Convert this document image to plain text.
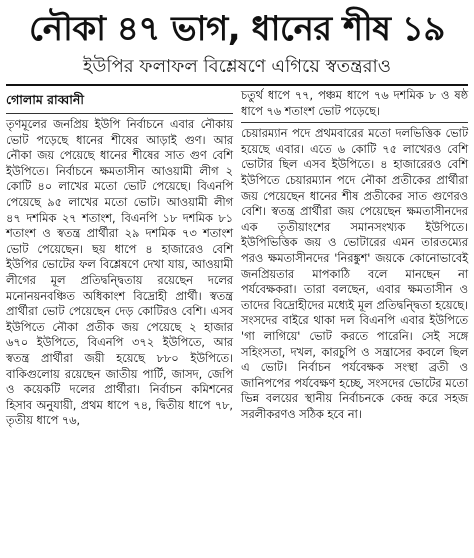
নৌকা ৪৭ ভাগ, ধানের শীষ ১৯
ইউপির ফলাফল বিশ্লেষণে এগিয়ে স্বতন্ত্ররাও
গোলাম রাব্বানী

তৃণমূলের জনপ্রিয় ইউপি নির্বাচনে এবার নৌকায় ভোট পড়েছে ধানের শীষের আড়াই গুণ। আর নৌকা জয় পেয়েছে ধানের শীষের সাত গুণ বেশি ইউপিতে। নির্বাচনে ক্ষমতাসীন আওয়ামী লীগ ২ কোটি ৪০ লাখের মতো ভোট পেয়েছে। বিএনপি পেয়েছে ৯৫ লাখের মতো ভোট। আওয়ামী লীগ ৪৭ দশমিক ২৭ শতাংশ, বিএনপি ১৮ দশমিক ৮১ শতাংশ ও স্বতন্ত্র প্রার্থীরা ২৯ দশমিক ৭৩ শতাংশ ভোট পেয়েছেন। ছয় ধাপে ৪ হাজারেও বেশি ইউপির ভোটের ফল বিশ্লেষণে দেখা যায়, আওয়ামী লীগের মূল প্রতিদ্বন্দ্বিতায় রয়েছেন দলের মনোনয়নবঞ্চিত অধিকাংশ বিদ্রোহী প্রার্থী। স্বতন্ত্র প্রার্থীরা ভোট পেয়েছেন দেড় কোটিরও বেশি। এসব ইউপিতে নৌকা প্রতীক জয় পেয়েছে ২ হাজার ৬৭০ ইউপিতে, বিএনপি ৩৭২ ইউপিতে, আর স্বতন্ত্র প্রার্থীরা জয়ী হয়েছে ৮৮০ ইউপিতে। বাকিগুলোয় রয়েছেন জাতীয় পার্টি, জাসদ, জেপি ও কয়েকটি দলের প্রার্থীরা। নির্বাচন কমিশনের হিসাব অনুযায়ী, প্রথম ধাপে ৭৪, দ্বিতীয় ধাপে ৭৮, তৃতীয় ধাপে ৭৬,

চতুর্থ ধাপে ৭৭, পঞ্চম ধাপে ৭৬ দশমিক ৮ ও ষষ্ঠ ধাপে ৭৬ শতাংশ ভোট পড়েছে।

চেয়ারম্যান পদে প্রথমবারের মতো দলভিত্তিক ভোট হয়েছে এবার। এতে ৬ কোটি ৭৫ লাখেরও বেশি ভোটার ছিল এসব ইউপিতে। ৪ হাজারেরও বেশি ইউপিতে চেয়ারম্যান পদে নৌকা প্রতীকের প্রার্থীরা জয় পেয়েছেন ধানের শীষ প্রতীকের সাত গুণেরও বেশি। স্বতন্ত্র প্রার্থীরা জয় পেয়েছেন ক্ষমতাসীনদের এক তৃতীয়াংশের সমানসংখ্যক ইউপিতে। ইউপিভিত্তিক জয় ও ভোটারের এমন তারতম্যের পরও ক্ষমতাসীনদের 'নিরঙ্কুশ' জয়কে কোনোভাবেই জনপ্রিয়তার মাপকাঠি বলে মানছেন না পর্যবেক্ষকরা। তারা বলছেন, এবার ক্ষমতাসীন ও তাদের বিদ্রোহীদের মধ্যেই মূল প্রতিদ্বন্দ্বিতা হয়েছে। সংসদের বাইরে থাকা দল বিএনপি এবার ইউপিতে 'গা লাগিয়ে' ভোট করতে পারেনি। সেই সঙ্গে সহিংসতা, দখল, কারচুপি ও সন্ত্রাসের কবলে ছিল এ ভোট। নির্বাচন পর্যবেক্ষক সংস্থা ব্রতী ও জানিপপের পর্যবেক্ষণ হচ্ছে, সংসদের ভোটের মতো ভিন্ন বলয়ের স্থানীয় নির্বাচনকে কেন্দ্র করে সহজ সরলীকরণও সঠিক হবে না।
